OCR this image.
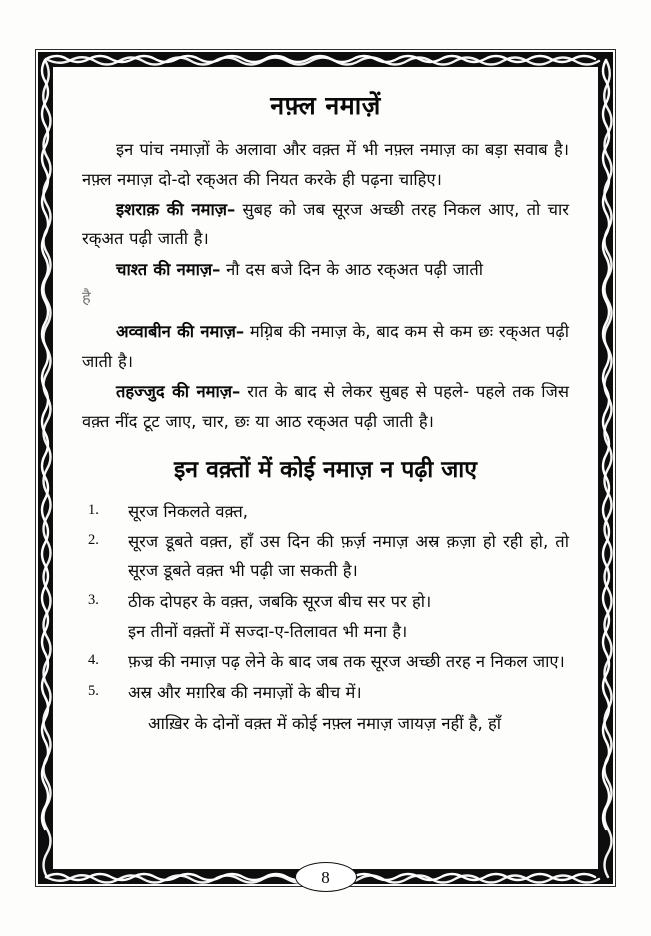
नफ़्ल नमाज़ें

इन पांच नमाज़ों के अलावा और वक़्त में भी नफ़्ल नमाज़ का बड़ा सवाब है। नफ़्ल नमाज़ दो-दो रक्अत की नियत करके ही पढ़ना चाहिए।

इशराक़ की नमाज़– सुबह को जब सूरज अच्छी तरह निकल आए, तो चार रक्अत पढ़ी जाती है।

चाश्त की नमाज़– नौ दस बजे दिन के आठ रक्अत पढ़ी जाती

है

अव्वाबीन की नमाज़– मग़्रिब की नमाज़ के, बाद कम से कम छः रक्अत पढ़ी जाती है।

तहज्जुद की नमाज़– रात के बाद से लेकर सुबह से पहले- पहले तक जिस वक़्त नींद टूट जाए, चार, छः या आठ रक्अत पढ़ी जाती है।

इन वक़्तों में कोई नमाज़ न पढ़ी जाए
1.	सूरज निकलते वक़्त,
2.	सूरज डूबते वक़्त, हाँ उस दिन की फ़र्ज़ नमाज़ अस्र क़ज़ा हो रही हो, तो सूरज डूबते वक़्त भी पढ़ी जा सकती है।
3.	ठीक दोपहर के वक़्त, जबकि सूरज बीच सर पर हो।
इन तीनों वक़्तों में सज्दा-ए-तिलावत भी मना है।
4.	फ़ज्र की नमाज़ पढ़ लेने के बाद जब तक सूरज अच्छी तरह न निकल जाए।
5.	अस्र और मग़रिब की नमाज़ों के बीच में।

आख़िर के दोनों वक़्त में कोई नफ़्ल नमाज़ जायज़ नहीं है, हाँ

8
